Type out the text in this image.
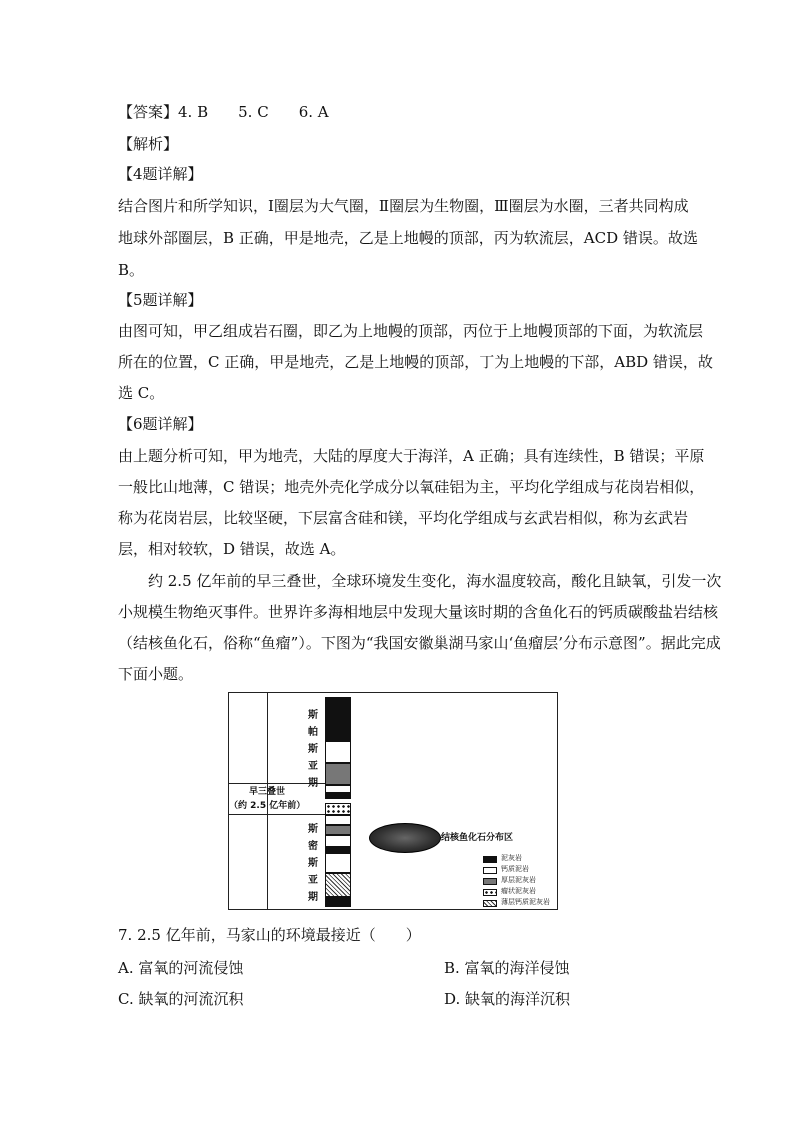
【答案】4. B 5. C 6. A
【解析】
【4题详解】
结合图片和所学知识，Ⅰ圈层为大气圈，Ⅱ圈层为生物圈，Ⅲ圈层为水圈，三者共同构成
地球外部圈层，B 正确，甲是地壳，乙是上地幔的顶部，丙为软流层，ACD 错误。故选
B。
【5题详解】
由图可知，甲乙组成岩石圈，即乙为上地幔的顶部，丙位于上地幔顶部的下面，为软流层
所在的位置，C 正确，甲是地壳，乙是上地幔的顶部，丁为上地幔的下部，ABD 错误，故
选 C。
【6题详解】
由上题分析可知，甲为地壳，大陆的厚度大于海洋，A 正确；具有连续性，B 错误；平原
一般比山地薄，C 错误；地壳外壳化学成分以氧硅铝为主，平均化学组成与花岗岩相似，
称为花岗岩层，比较坚硬，下层富含硅和镁，平均化学组成与玄武岩相似，称为玄武岩
层，相对较软，D 错误，故选 A。
约 2.5 亿年前的早三叠世，全球环境发生变化，海水温度较高，酸化且缺氧，引发一次
小规模生物绝灭事件。世界许多海相地层中发现大量该时期的含鱼化石的钙质碳酸盐岩结核
（结核鱼化石，俗称“鱼瘤”）。下图为“我国安徽巢湖马家山‘鱼瘤层’分布示意图”。据此完成
下面小题。
斯
帕
斯
亚
期
早三叠世
（约 2.5 亿年前）
斯
密
斯
亚
期
结核鱼化石分布区
泥灰岩
钙质泥岩
厚层泥灰岩
瘤状泥灰岩
薄层钙质泥灰岩
7. 2.5 亿年前，马家山的环境最接近（　　）
A. 富氧的河流侵蚀	B. 富氧的海洋侵蚀
C. 缺氧的河流沉积	D. 缺氧的海洋沉积
